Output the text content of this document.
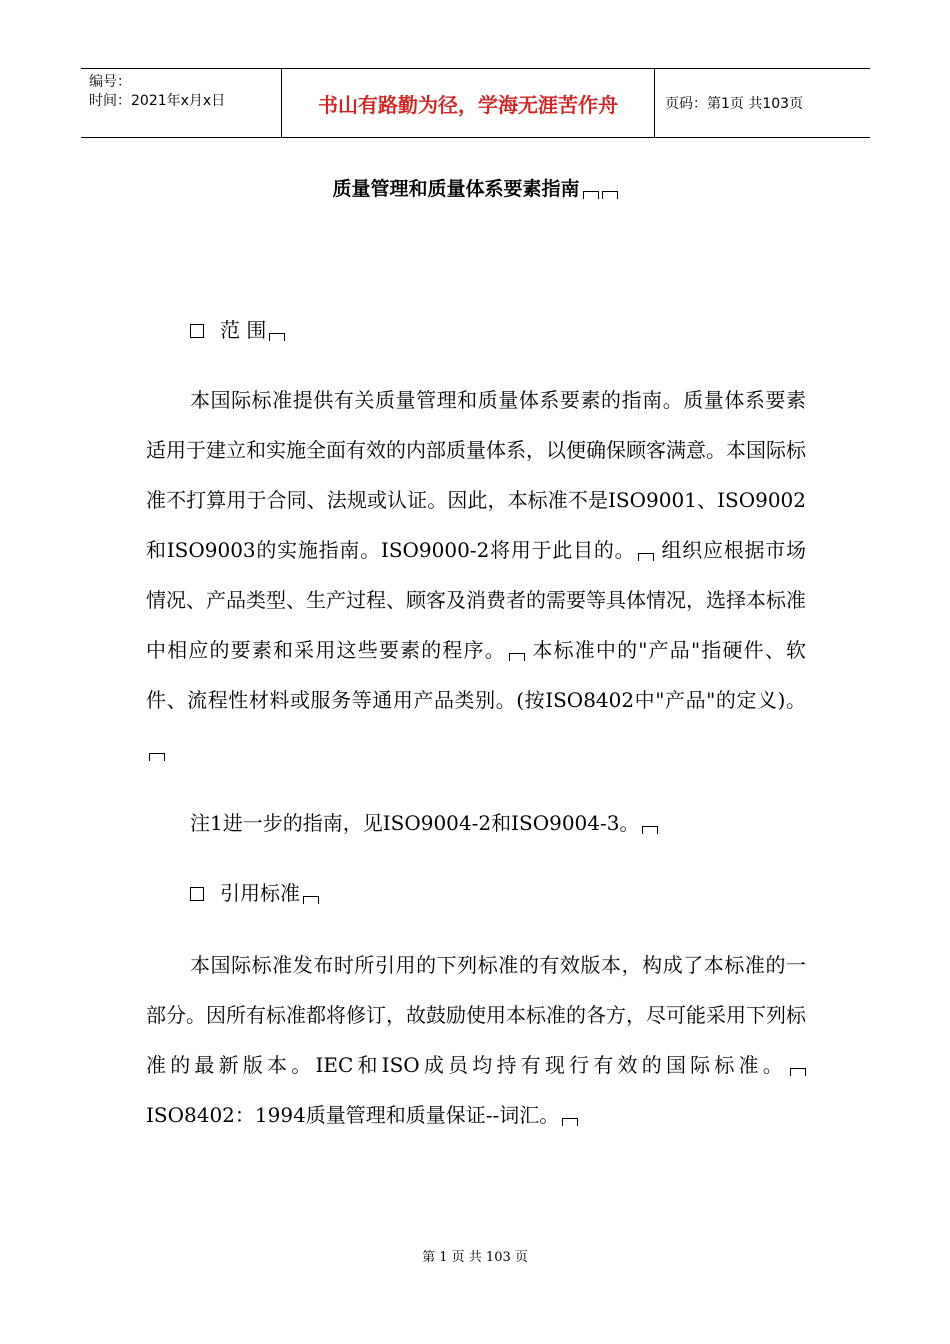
编号：
时间：2021年x月x日	书山有路勤为径，学海无涯苦作舟	页码：第1页 共103页
质量管理和质量体系要素指南
范 围

本国际标准提供有关质量管理和质量体系要素的指南。质量体系要素适用于建立和实施全面有效的内部质量体系，以便确保顾客满意。本国际标准不打算用于合同、法规或认证。因此，本标准不是ISO9001、ISO9002和ISO9003的实施指南。ISO9000-2将用于此目的。 组织应根据市场情况、产品类型、生产过程、顾客及消费者的需要等具体情况，选择本标准中相应的要素和采用这些要素的程序。 本标准中的"产品"指硬件、软件、流程性材料或服务等通用产品类别。(按ISO8402中"产品"的定义)。

注1进一步的指南，见ISO9004-2和ISO9004-3。
引用标准

本国际标准发布时所引用的下列标准的有效版本，构成了本标准的一部分。因所有标准都将修订，故鼓励使用本标准的各方，尽可能采用下列标准的最新版本。IEC和ISO成员均持有现行有效的国际标准。 ISO8402：1994质量管理和质量保证--词汇。

第 1 页 共 103 页
